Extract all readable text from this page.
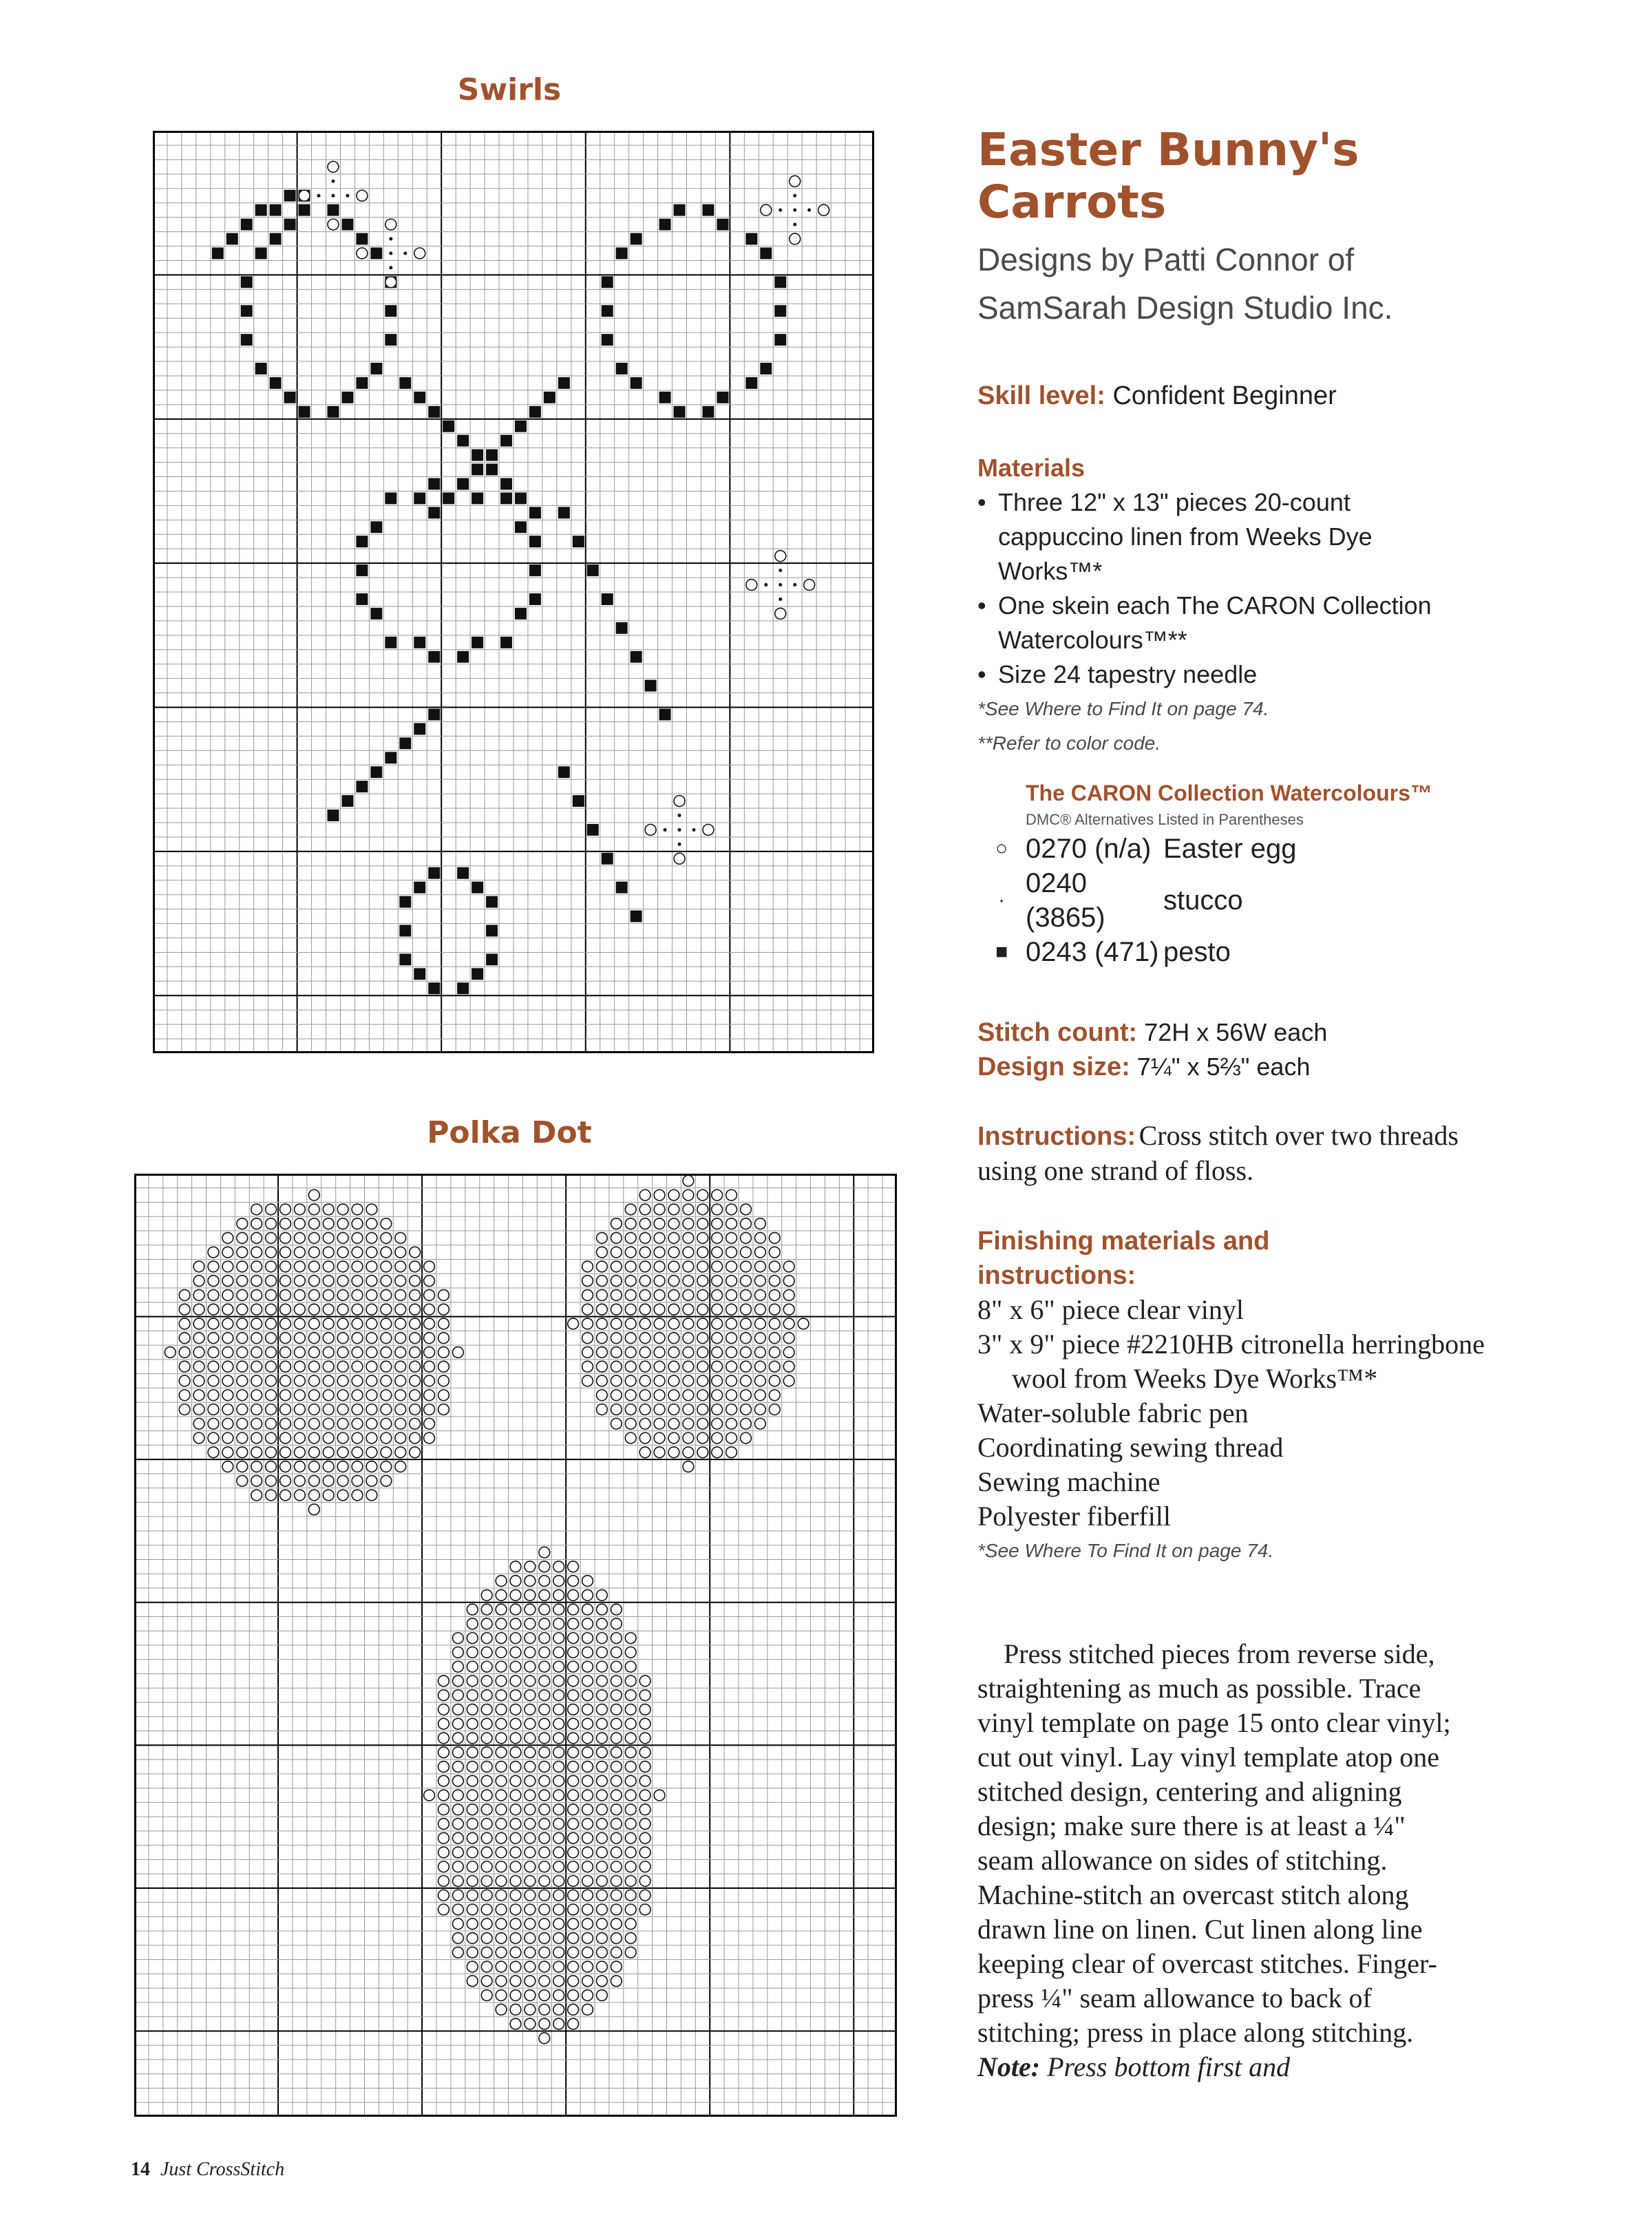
Swirls
Polka Dot
Easter Bunny's Carrots
Designs by Patti Connor of SamSarah Design Studio Inc.
Skill level: Confident Beginner
Materials
• Three 12" x 13" pieces 20-count cappuccino linen from Weeks Dye Works™*
• One skein each The CARON Collection Watercolours™**
• Size 24 tapestry needle
*See Where to Find It on page 74.
**Refer to color code.
The CARON Collection Watercolours™
DMC® Alternatives Listed in Parentheses
○ 0270 (n/a) Easter egg
·
0240 (3865)
stucco
■ 0243 (471) pesto
Stitch count: 72H x 56W each
Design size: 7¼" x 5⅔" each
Instructions: Cross stitch over two threads using one strand of floss.
Finishing materials and instructions:
8" x 6" piece clear vinyl
3" x 9" piece #2210HB citronella herringbone wool from Weeks Dye Works™*
Water-soluble fabric pen
Coordinating sewing thread
Sewing machine
Polyester fiberfill
*See Where To Find It on page 74.
Press stitched pieces from reverse side, straightening as much as possible. Trace vinyl template on page 15 onto clear vinyl; cut out vinyl. Lay vinyl template atop one stitched design, centering and aligning design; make sure there is at least a ¼" seam allowance on sides of stitching. Machine-stitch an overcast stitch along drawn line on linen. Cut linen along line keeping clear of overcast stitches. Finger-press ¼" seam allowance to back of stitching; press in place along stitching. Note: Press bottom first and
14 Just CrossStitch
